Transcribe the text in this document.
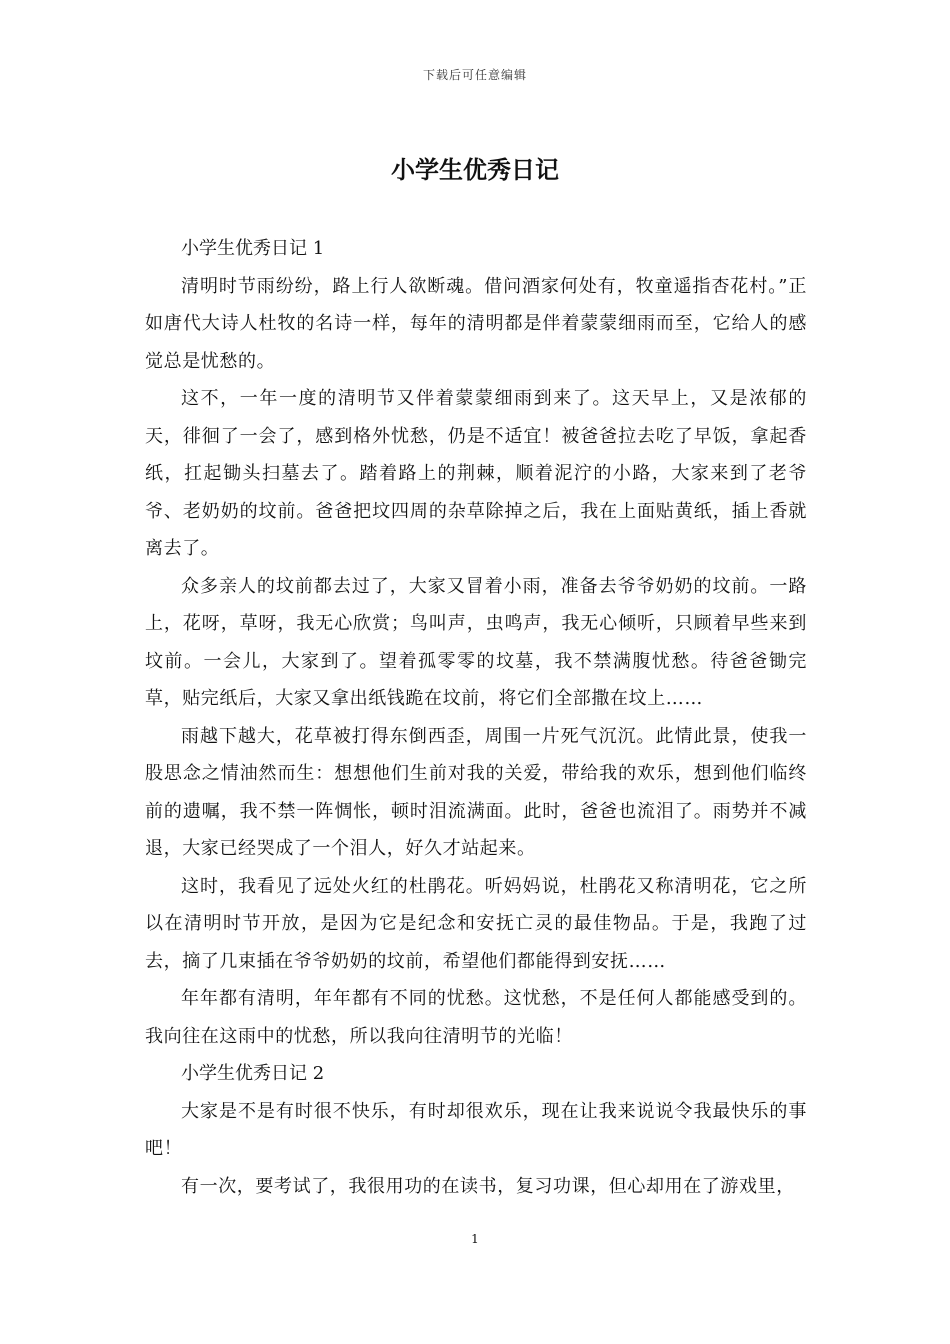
下载后可任意编辑
小学生优秀日记

小学生优秀日记 1

清明时节雨纷纷，路上行人欲断魂。借问酒家何处有，牧童遥指杏花村。”正如唐代大诗人杜牧的名诗一样，每年的清明都是伴着蒙蒙细雨而至，它给人的感觉总是忧愁的。

这不，一年一度的清明节又伴着蒙蒙细雨到来了。这天早上，又是浓郁的天，徘徊了一会了，感到格外忧愁，仍是不适宜！被爸爸拉去吃了早饭，拿起香纸，扛起锄头扫墓去了。踏着路上的荆棘，顺着泥泞的小路，大家来到了老爷爷、老奶奶的坟前。爸爸把坟四周的杂草除掉之后，我在上面贴黄纸，插上香就离去了。

众多亲人的坟前都去过了，大家又冒着小雨，准备去爷爷奶奶的坟前。一路上，花呀，草呀，我无心欣赏；鸟叫声，虫鸣声，我无心倾听，只顾着早些来到坟前。一会儿，大家到了。望着孤零零的坟墓，我不禁满腹忧愁。待爸爸锄完草，贴完纸后，大家又拿出纸钱跪在坟前，将它们全部撒在坟上……

雨越下越大，花草被打得东倒西歪，周围一片死气沉沉。此情此景，使我一股思念之情油然而生：想想他们生前对我的关爱，带给我的欢乐，想到他们临终前的遗嘱，我不禁一阵惆怅，顿时泪流满面。此时，爸爸也流泪了。雨势并不减退，大家已经哭成了一个泪人，好久才站起来。

这时，我看见了远处火红的杜鹃花。听妈妈说，杜鹃花又称清明花，它之所以在清明时节开放，是因为它是纪念和安抚亡灵的最佳物品。于是，我跑了过去，摘了几束插在爷爷奶奶的坟前，希望他们都能得到安抚……

年年都有清明，年年都有不同的忧愁。这忧愁，不是任何人都能感受到的。我向往在这雨中的忧愁，所以我向往清明节的光临！

小学生优秀日记 2

大家是不是有时很不快乐，有时却很欢乐，现在让我来说说令我最快乐的事吧！

有一次，要考试了，我很用功的在读书，复习功课，但心却用在了游戏里，

1
